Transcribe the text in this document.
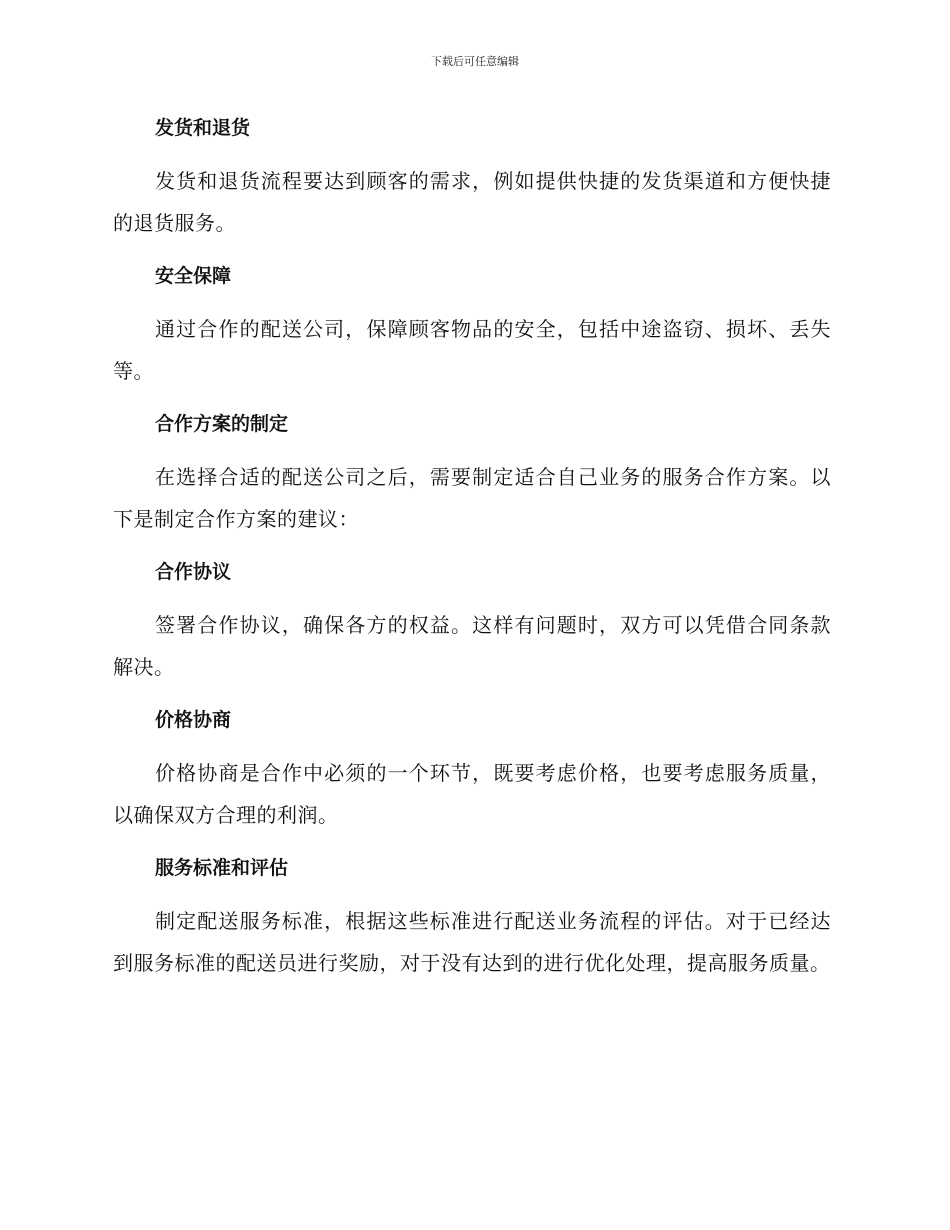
下载后可任意编辑
发货和退货
发货和退货流程要达到顾客的需求，例如提供快捷的发货渠道和方便快捷的退货服务。
安全保障
通过合作的配送公司，保障顾客物品的安全，包括中途盗窃、损坏、丢失等。
合作方案的制定
在选择合适的配送公司之后，需要制定适合自己业务的服务合作方案。以下是制定合作方案的建议：
合作协议
签署合作协议，确保各方的权益。这样有问题时，双方可以凭借合同条款解决。
价格协商
价格协商是合作中必须的一个环节，既要考虑价格，也要考虑服务质量，以确保双方合理的利润。
服务标准和评估
制定配送服务标准，根据这些标准进行配送业务流程的评估。对于已经达到服务标准的配送员进行奖励，对于没有达到的进行优化处理，提高服务质量。
